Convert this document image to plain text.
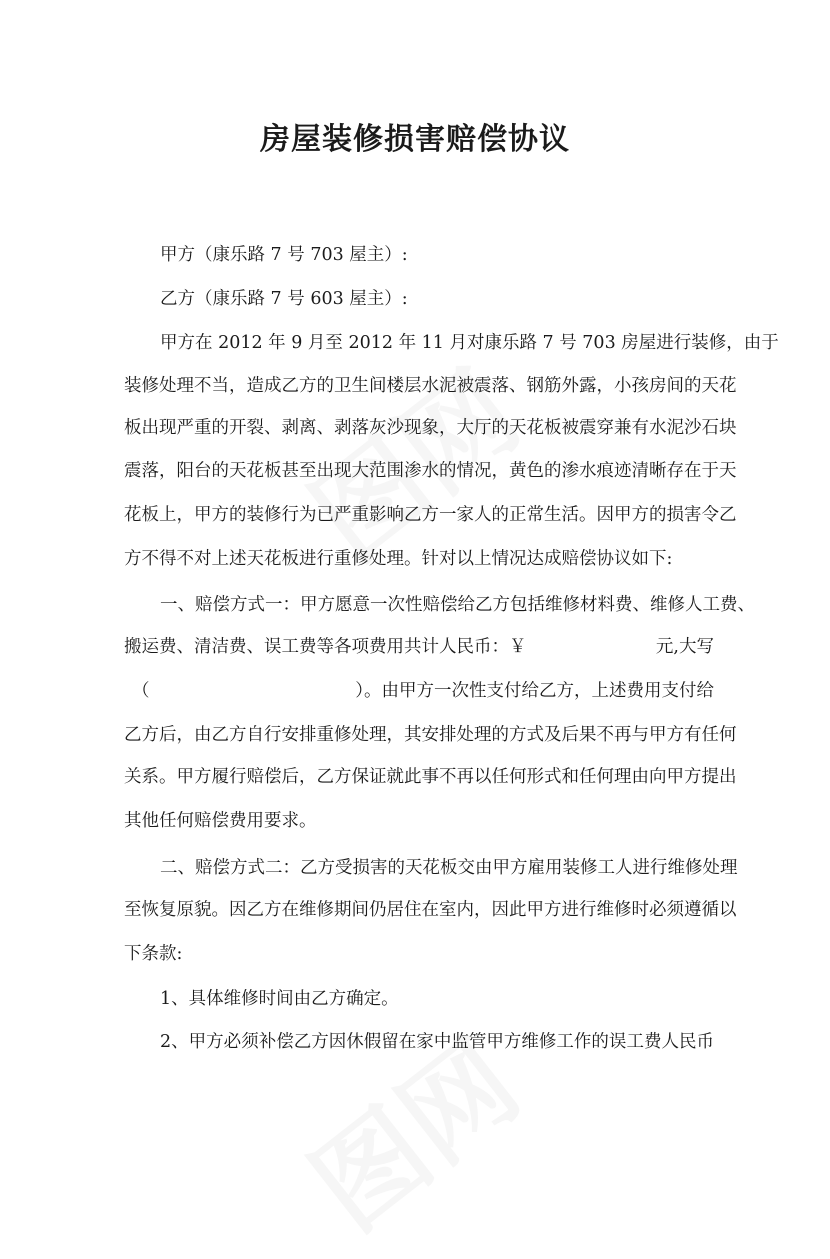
房屋装修损害赔偿协议
甲方（康乐路 7 号 703 屋主）:
乙方（康乐路 7 号 603 屋主）:
甲方在 2012 年 9 月至 2012 年 11 月对康乐路 7 号 703 房屋进行装修，由于
装修处理不当，造成乙方的卫生间楼层水泥被震落、钢筋外露，小孩房间的天花
板出现严重的开裂、剥离、剥落灰沙现象，大厅的天花板被震穿兼有水泥沙石块
震落，阳台的天花板甚至出现大范围渗水的情况，黄色的渗水痕迹清晰存在于天
花板上，甲方的装修行为已严重影响乙方一家人的正常生活。因甲方的损害令乙
方不得不对上述天花板进行重修处理。针对以上情况达成赔偿协议如下:
一、赔偿方式一：甲方愿意一次性赔偿给乙方包括维修材料费、维修人工费、
搬运费、清洁费、误工费等各项费用共计人民币：￥	元,大写
（	）。由甲方一次性支付给乙方，上述费用支付给
乙方后，由乙方自行安排重修处理，其安排处理的方式及后果不再与甲方有任何
关系。甲方履行赔偿后，乙方保证就此事不再以任何形式和任何理由向甲方提出
其他任何赔偿费用要求。
二、赔偿方式二：乙方受损害的天花板交由甲方雇用装修工人进行维修处理
至恢复原貌。因乙方在维修期间仍居住在室内，因此甲方进行维修时必须遵循以
下条款:
1、具体维修时间由乙方确定。
2、甲方必须补偿乙方因休假留在家中监管甲方维修工作的误工费人民币
